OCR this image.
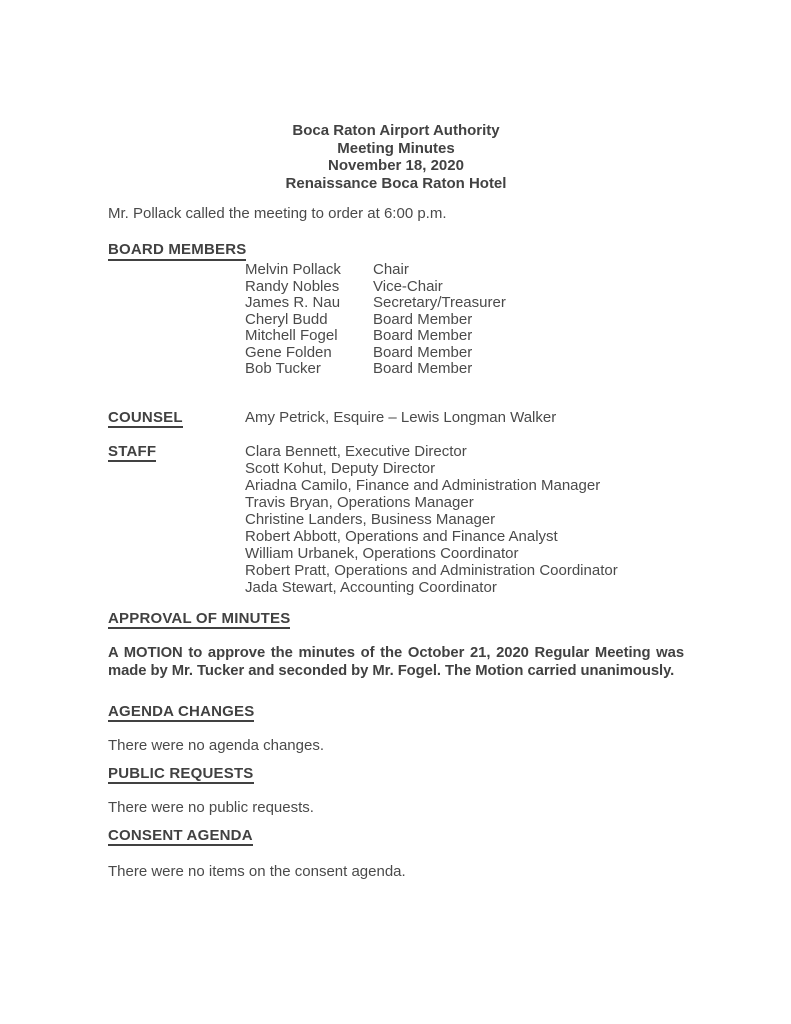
Boca Raton Airport Authority
Meeting Minutes
November 18, 2020
Renaissance Boca Raton Hotel

Mr. Pollack called the meeting to order at 6:00 p.m.

BOARD MEMBERS
Melvin Pollack	Chair
Randy Nobles	Vice-Chair
James R. Nau	Secretary/Treasurer
Cheryl Budd	Board Member
Mitchell Fogel	Board Member
Gene Folden	Board Member
Bob Tucker	Board Member
COUNSEL	Amy Petrick, Esquire – Lewis Longman Walker
STAFF	Clara Bennett, Executive Director
Scott Kohut, Deputy Director
Ariadna Camilo, Finance and Administration Manager
Travis Bryan, Operations Manager
Christine Landers, Business Manager
Robert Abbott, Operations and Finance Analyst
William Urbanek, Operations Coordinator
Robert Pratt, Operations and Administration Coordinator
Jada Stewart, Accounting Coordinator
APPROVAL OF MINUTES

A MOTION to approve the minutes of the October 21, 2020 Regular Meeting was made by Mr. Tucker and seconded by Mr. Fogel. The Motion carried unanimously.

AGENDA CHANGES

There were no agenda changes.

PUBLIC REQUESTS

There were no public requests.

CONSENT AGENDA

There were no items on the consent agenda.
